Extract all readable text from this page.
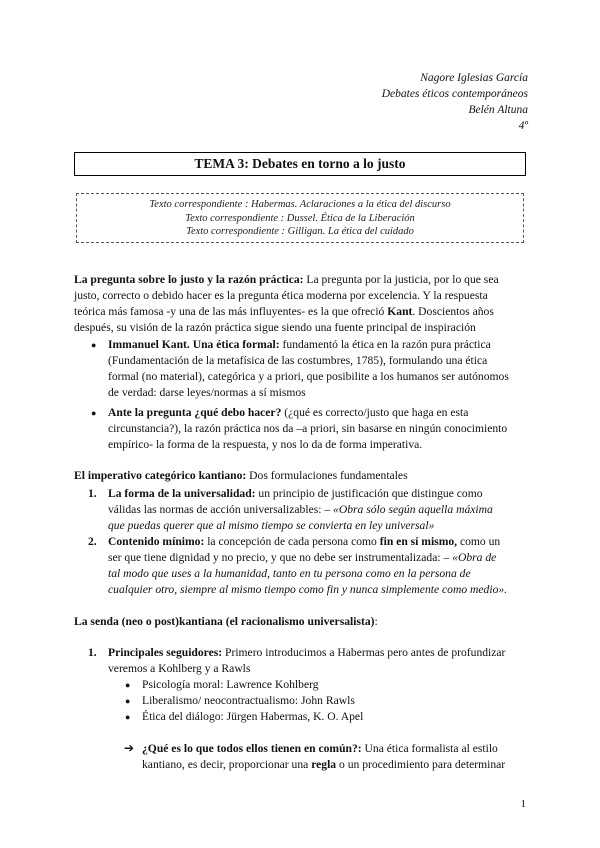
Nagore Iglesias García
Debates éticos contemporáneos
Belén Altuna
4º
TEMA 3: Debates en torno a lo justo
Texto correspondiente : Habermas. Aclaraciones a la ética del discurso
Texto correspondiente : Dussel. Ética de la Liberación
Texto correspondiente : Gilligan. La ética del cuidado
La pregunta sobre lo justo y la razón práctica: La pregunta por la justicia, por lo que sea
justo, correcto o debido hacer es la pregunta ética moderna por excelencia. Y la respuesta
teórica más famosa -y una de las más influyentes- es la que ofreció Kant. Doscientos años
después, su visión de la razón práctica sigue siendo una fuente principal de inspiración
● Immanuel Kant. Una ética formal: fundamentó la ética en la razón pura práctica
(Fundamentación de la metafísica de las costumbres, 1785), formulando una ética
formal (no material), categórica y a priori, que posibilite a los humanos ser autónomos
de verdad: darse leyes/normas a sí mismos
● Ante la pregunta ¿qué debo hacer? (¿qué es correcto/justo que haga en esta
circunstancia?), la razón práctica nos da –a priori, sin basarse en ningún conocimiento
empírico- la forma de la respuesta, y nos lo da de forma imperativa.
El imperativo categórico kantiano: Dos formulaciones fundamentales
1. La forma de la universalidad: un principio de justificación que distingue como
válidas las normas de acción universalizables: – «Obra sólo según aquella máxima
que puedas querer que al mismo tiempo se convierta en ley universal»
2. Contenido mínimo: la concepción de cada persona como fin en sí mismo, como un
ser que tiene dignidad y no precio, y que no debe ser instrumentalizada: – «Obra de
tal modo que uses a la humanidad, tanto en tu persona como en la persona de
cualquier otro, siempre al mismo tiempo como fin y nunca simplemente como medio».
La senda (neo o post)kantiana (el racionalismo universalista):
1. Principales seguidores: Primero introducimos a Habermas pero antes de profundizar
veremos a Kohlberg y a Rawls
● Psicología moral: Lawrence Kohlberg
● Liberalismo/ neocontractualismo: John Rawls
● Ética del diálogo: Jürgen Habermas, K. O. Apel
➔ ¿Qué es lo que todos ellos tienen en común?: Una ética formalista al estilo
kantiano, es decir, proporcionar una regla o un procedimiento para determinar
1
